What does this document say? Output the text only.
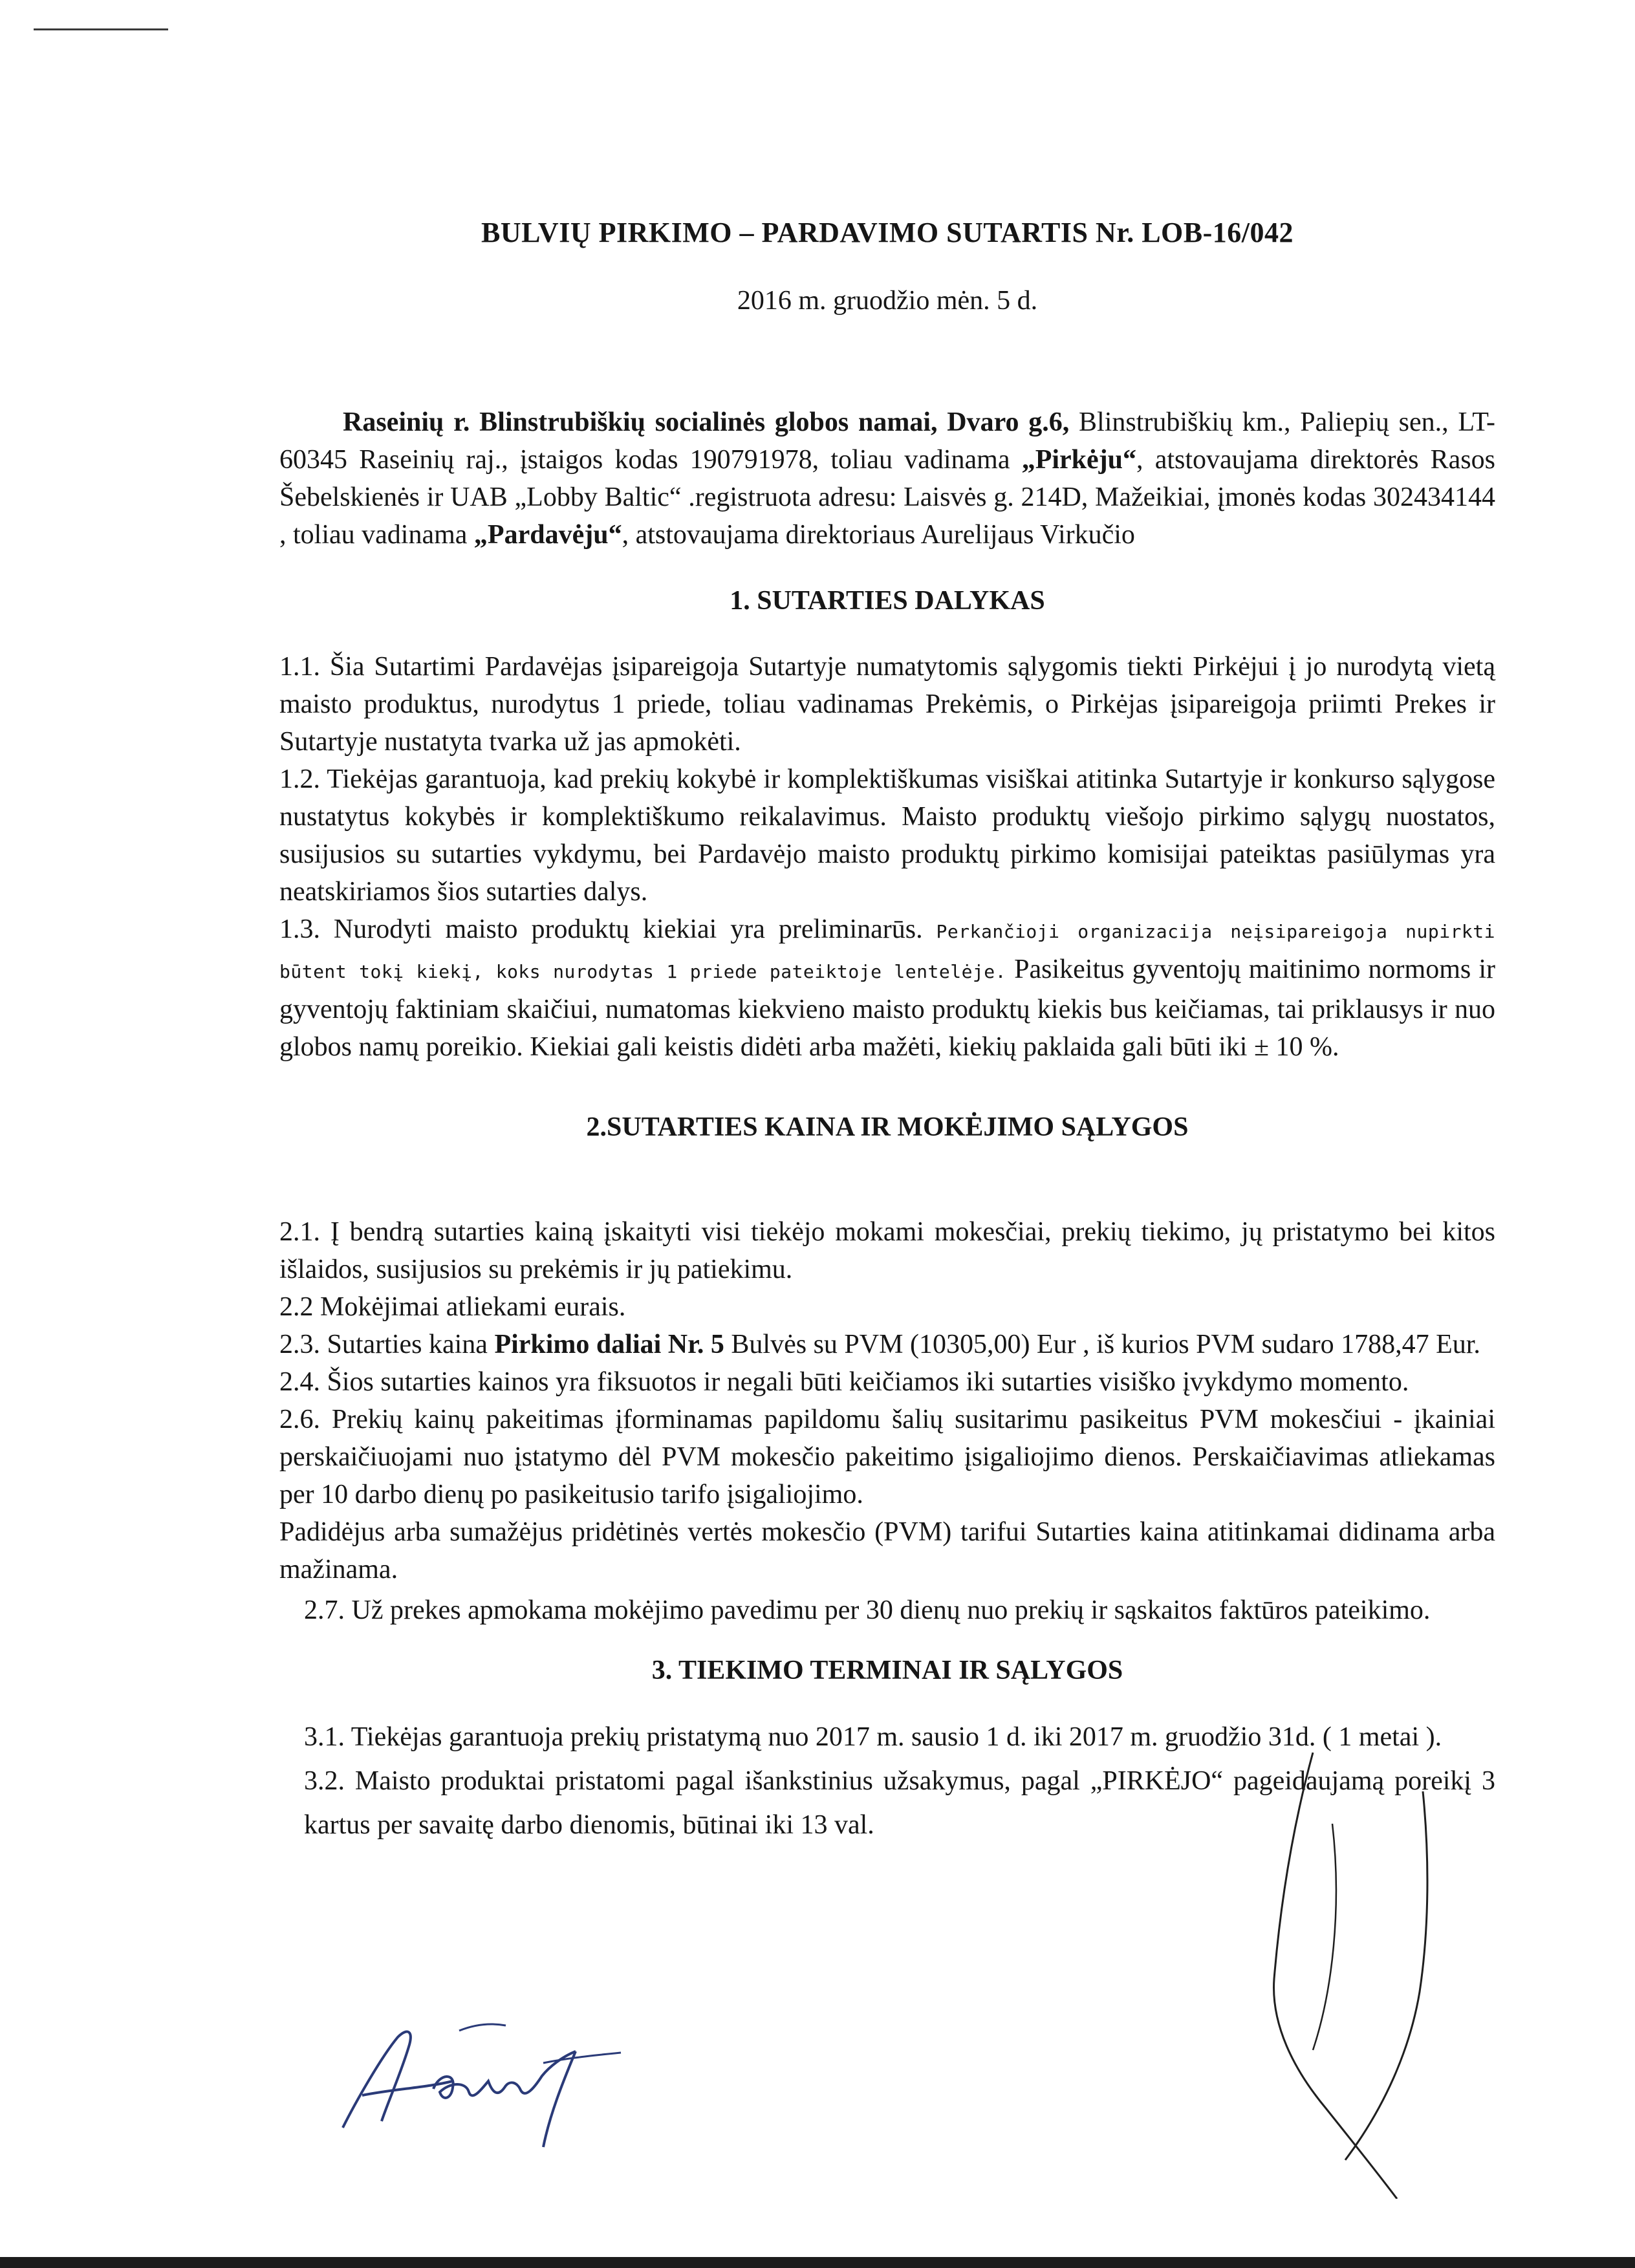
BULVIŲ PIRKIMO – PARDAVIMO SUTARTIS Nr. LOB-16/042
2016 m. gruodžio mėn. 5 d.

Raseinių r. Blinstrubiškių socialinės globos namai, Dvaro g.6, Blinstrubiškių km., Paliepių sen., LT-60345 Raseinių raj., įstaigos kodas 190791978, toliau vadinama „Pirkėju“, atstovaujama direktorės Rasos Šebelskienės ir UAB „Lobby Baltic“ .registruota adresu: Laisvės g. 214D, Mažeikiai, įmonės kodas 302434144 , toliau vadinama „Pardavėju“, atstovaujama direktoriaus Aurelijaus Virkučio

1. SUTARTIES DALYKAS

1.1. Šia Sutartimi Pardavėjas įsipareigoja Sutartyje numatytomis sąlygomis tiekti Pirkėjui į jo nurodytą vietą maisto produktus, nurodytus 1 priede, toliau vadinamas Prekėmis, o Pirkėjas įsipareigoja priimti Prekes ir Sutartyje nustatyta tvarka už jas apmokėti.

1.2. Tiekėjas garantuoja, kad prekių kokybė ir komplektiškumas visiškai atitinka Sutartyje ir konkurso sąlygose nustatytus kokybės ir komplektiškumo reikalavimus. Maisto produktų viešojo pirkimo sąlygų nuostatos, susijusios su sutarties vykdymu, bei Pardavėjo maisto produktų pirkimo komisijai pateiktas pasiūlymas yra neatskiriamos šios sutarties dalys.

1.3. Nurodyti maisto produktų kiekiai yra preliminarūs. Perkančioji organizacija neįsipareigoja nupirkti būtent tokį kiekį, koks nurodytas 1 priede pateiktoje lentelėje. Pasikeitus gyventojų maitinimo normoms ir gyventojų faktiniam skaičiui, numatomas kiekvieno maisto produktų kiekis bus keičiamas, tai priklausys ir nuo globos namų poreikio. Kiekiai gali keistis didėti arba mažėti, kiekių paklaida gali būti iki ± 10 %.

2.SUTARTIES KAINA IR MOKĖJIMO SĄLYGOS

2.1. Į bendrą sutarties kainą įskaityti visi tiekėjo mokami mokesčiai, prekių tiekimo, jų pristatymo bei kitos išlaidos, susijusios su prekėmis ir jų patiekimu.

2.2 Mokėjimai atliekami eurais.

2.3. Sutarties kaina Pirkimo daliai Nr. 5 Bulvės su PVM (10305,00) Eur , iš kurios PVM sudaro 1788,47 Eur.

2.4. Šios sutarties kainos yra fiksuotos ir negali būti keičiamos iki sutarties visiško įvykdymo momento.

2.6. Prekių kainų pakeitimas įforminamas papildomu šalių susitarimu pasikeitus PVM mokesčiui - įkainiai perskaičiuojami nuo įstatymo dėl PVM mokesčio pakeitimo įsigaliojimo dienos. Perskaičiavimas atliekamas per 10 darbo dienų po pasikeitusio tarifo įsigaliojimo.

Padidėjus arba sumažėjus pridėtinės vertės mokesčio (PVM) tarifui Sutarties kaina atitinkamai didinama arba mažinama.

2.7. Už prekes apmokama mokėjimo pavedimu per 30 dienų nuo prekių ir sąskaitos faktūros pateikimo.

3. TIEKIMO TERMINAI IR SĄLYGOS

3.1. Tiekėjas garantuoja prekių pristatymą nuo 2017 m. sausio 1 d. iki 2017 m. gruodžio 31d. ( 1 metai ).

3.2. Maisto produktai pristatomi pagal išankstinius užsakymus, pagal „PIRKĖJO“ pageidaujamą poreikį 3 kartus per savaitę darbo dienomis, būtinai iki 13 val.
